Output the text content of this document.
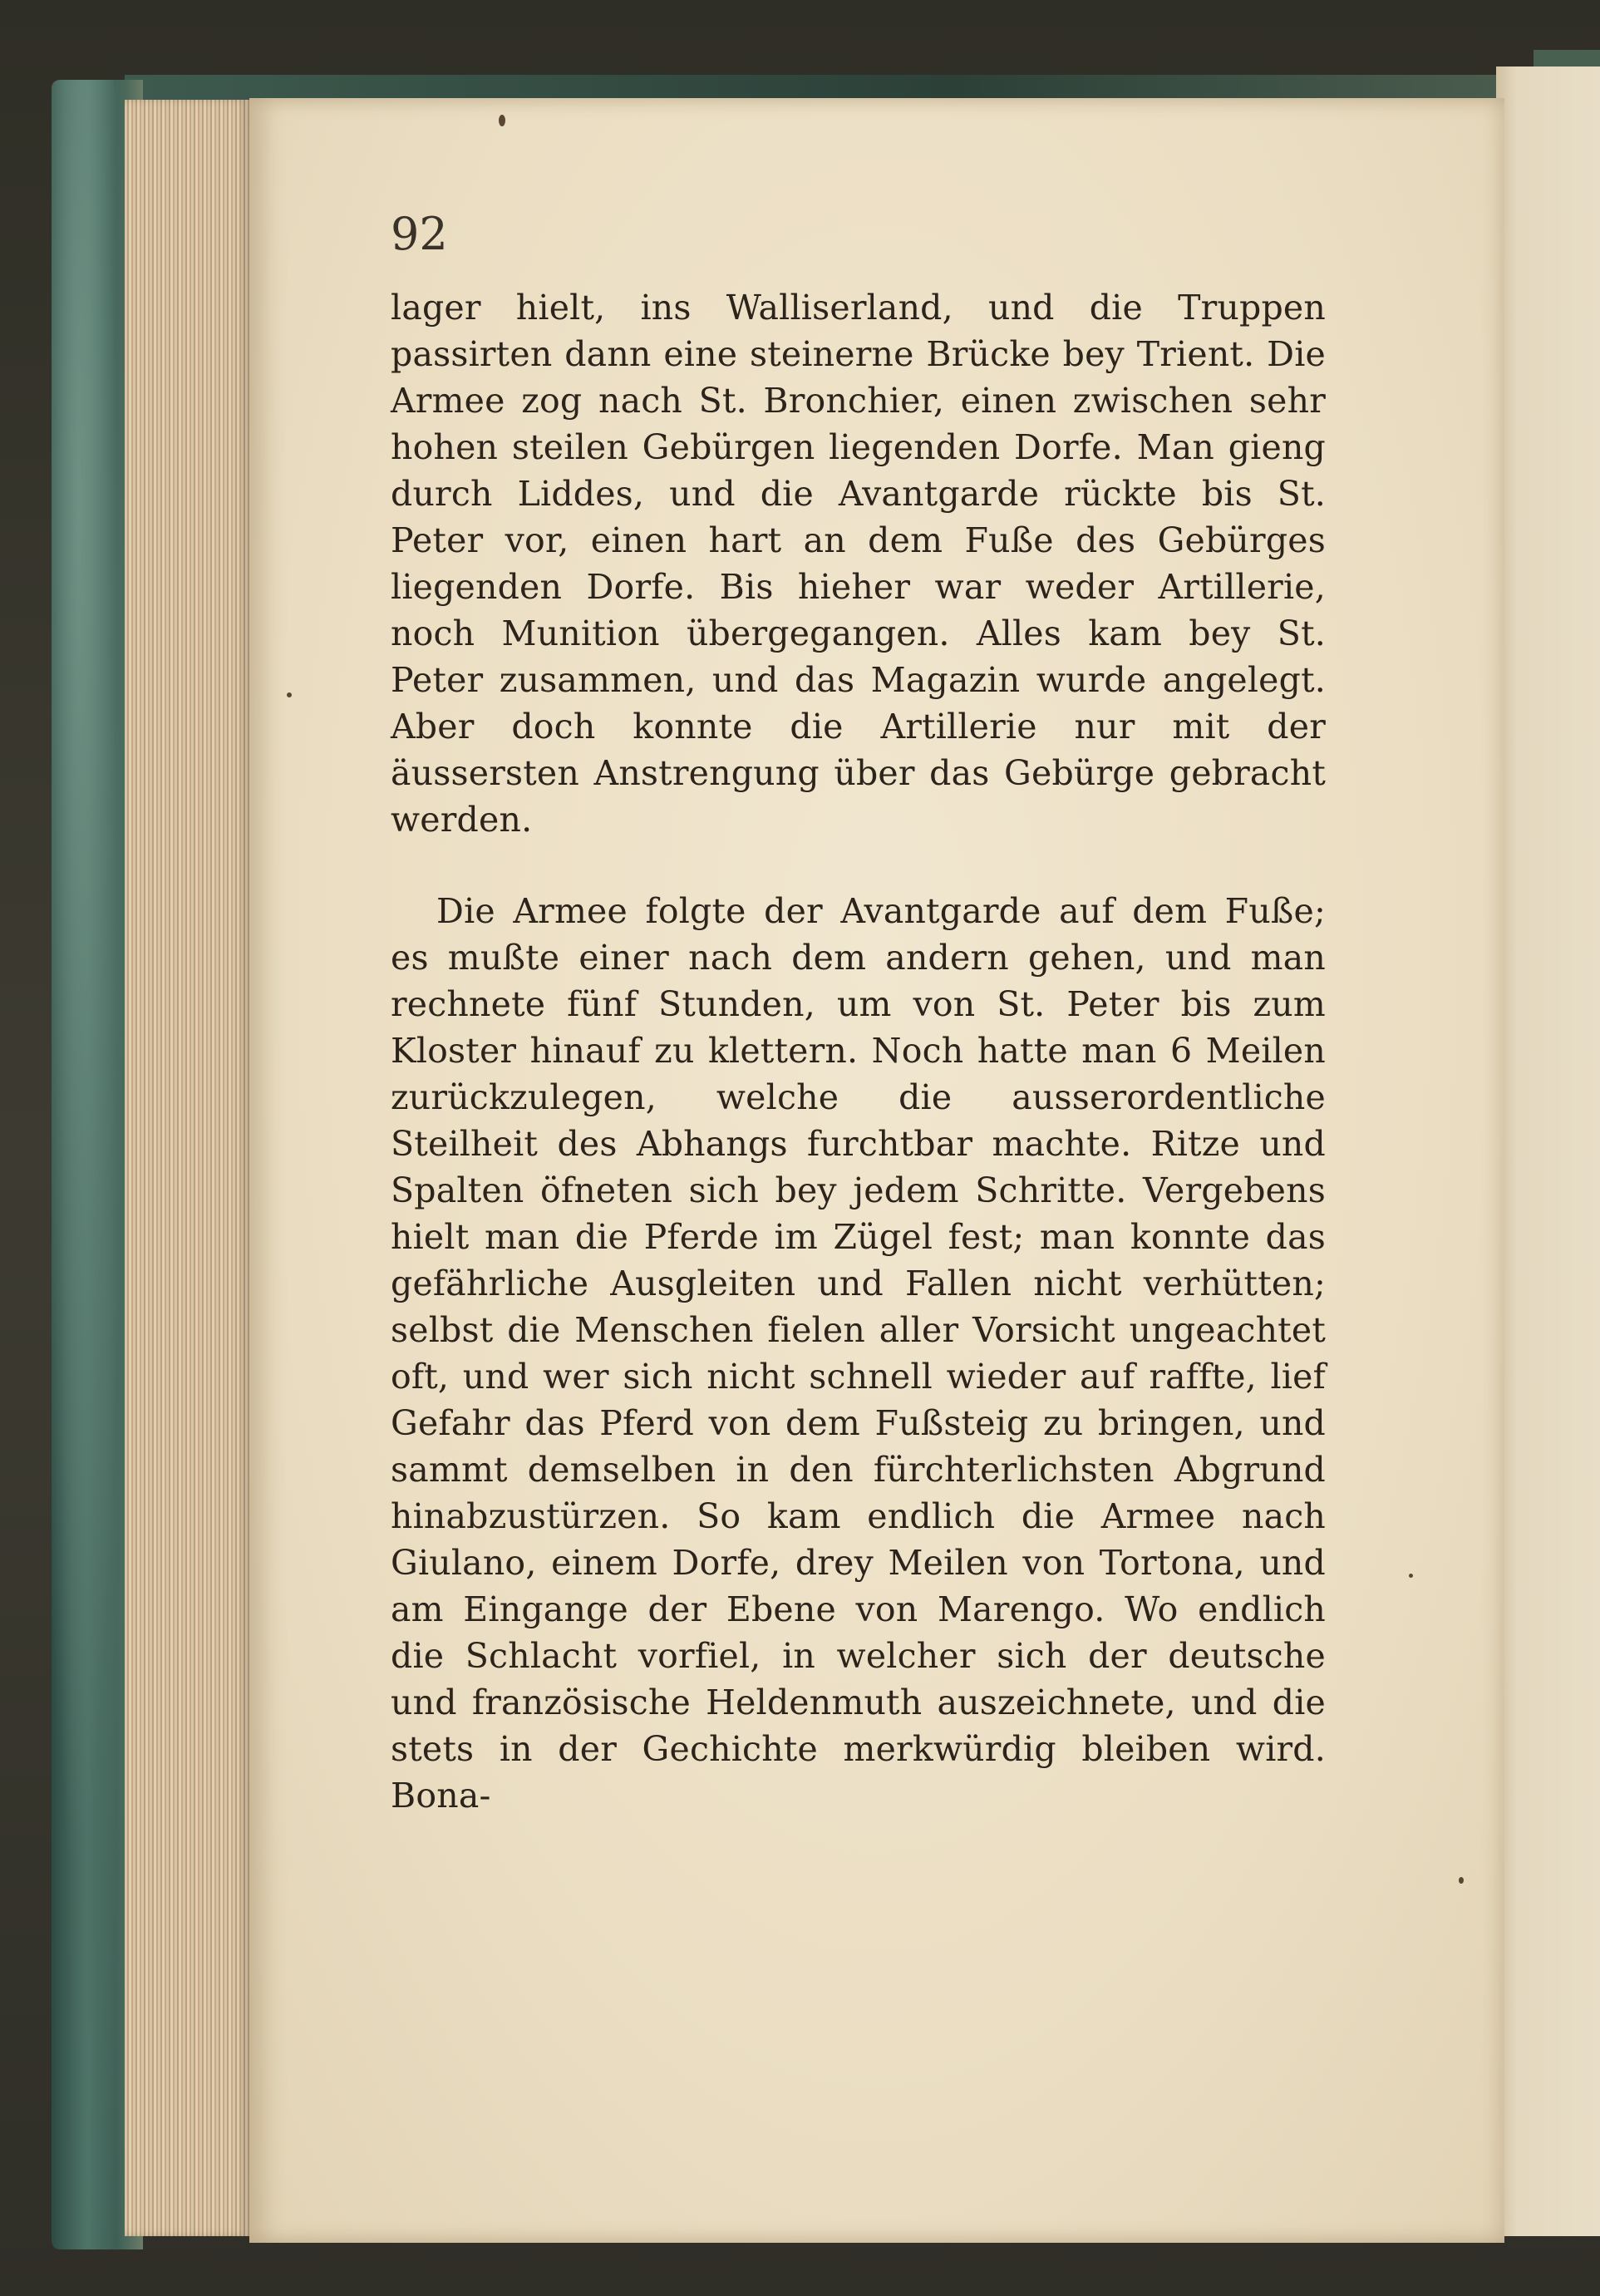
92

lager hielt, ins Walliserland, und die Truppen passirten dann eine steinerne Brücke bey Trient. Die Armee zog nach St. Bronchier, einen zwischen sehr hohen steilen Gebürgen liegenden Dorfe. Man gieng durch Liddes, und die Avantgarde rückte bis St. Peter vor, einen hart an dem Fuße des Gebürges liegenden Dorfe. Bis hieher war weder Artillerie, noch Munition übergegangen. Alles kam bey St. Peter zusammen, und das Magazin wurde angelegt. Aber doch konnte die Artillerie nur mit der äussersten Anstrengung über das Gebürge gebracht werden.

Die Armee folgte der Avantgarde auf dem Fuße; es mußte einer nach dem andern gehen, und man rechnete fünf Stunden, um von St. Peter bis zum Kloster hinauf zu klettern. Noch hatte man 6 Meilen zurückzulegen, welche die ausserordentliche Steilheit des Abhangs furchtbar machte. Ritze und Spalten öfneten sich bey jedem Schritte. Vergebens hielt man die Pferde im Zügel fest; man konnte das gefährliche Ausgleiten und Fallen nicht verhütten; selbst die Menschen fielen aller Vorsicht ungeachtet oft, und wer sich nicht schnell wieder auf raffte, lief Gefahr das Pferd von dem Fußsteig zu bringen, und sammt demselben in den fürchterlichsten Abgrund hinabzustürzen. So kam endlich die Armee nach Giulano, einem Dorfe, drey Meilen von Tortona, und am Eingange der Ebene von Marengo. Wo endlich die Schlacht vorfiel, in welcher sich der deutsche und französische Heldenmuth auszeichnete, und die stets in der Gechichte merkwürdig bleiben wird. Bona-
